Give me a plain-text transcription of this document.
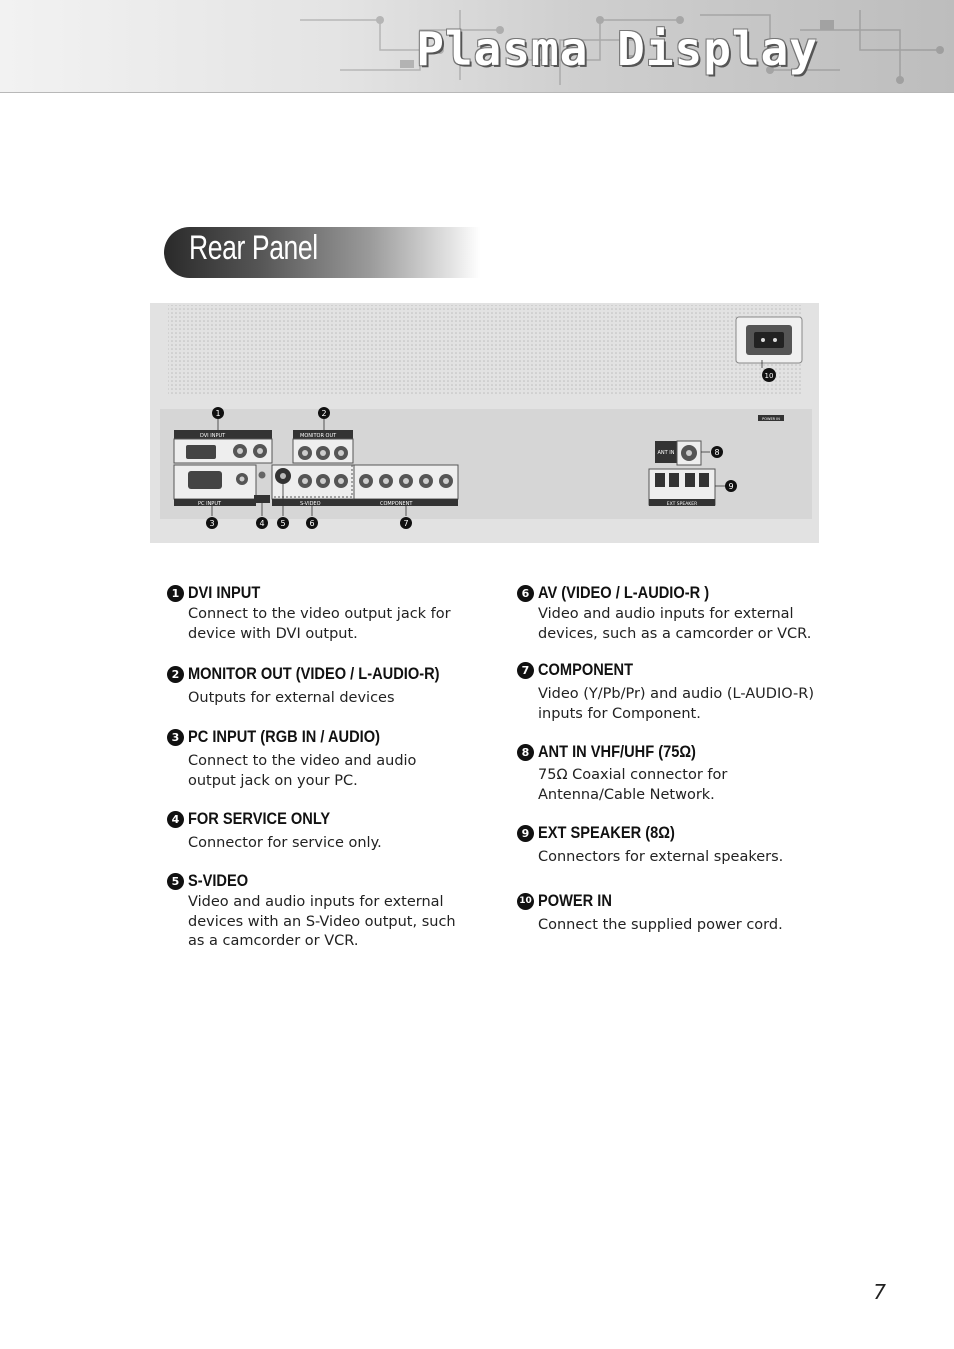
Plasma Display
Rear Panel
POWER IN
DVI INPUT	MONITOR OUT
PC INPUT	S-VIDEO	COMPONENT
ANT IN
EXT SPEAKER
1	2
3	4 5	6	7
8
9
10
1 DVI INPUT
Connect to the video output jack for device with DVI output.
2 MONITOR OUT (VIDEO / L-AUDIO-R)
Outputs for external devices
3 PC INPUT (RGB IN / AUDIO)
Connect to the video and audio output jack on your PC.
4 FOR SERVICE ONLY
Connector for service only.
5 S-VIDEO
Video and audio inputs for external devices with an S-Video output, such as a camcorder or VCR.
6 AV (VIDEO / L-AUDIO-R )
Video and audio inputs for external devices, such as a camcorder or VCR.
7 COMPONENT
Video (Y/Pb/Pr) and audio (L-AUDIO-R) inputs for Component.
8 ANT IN VHF/UHF (75Ω)
75Ω Coaxial connector for Antenna/Cable Network.
9 EXT SPEAKER (8Ω)
Connectors for external speakers.
10 POWER IN
Connect the supplied power cord.
7
